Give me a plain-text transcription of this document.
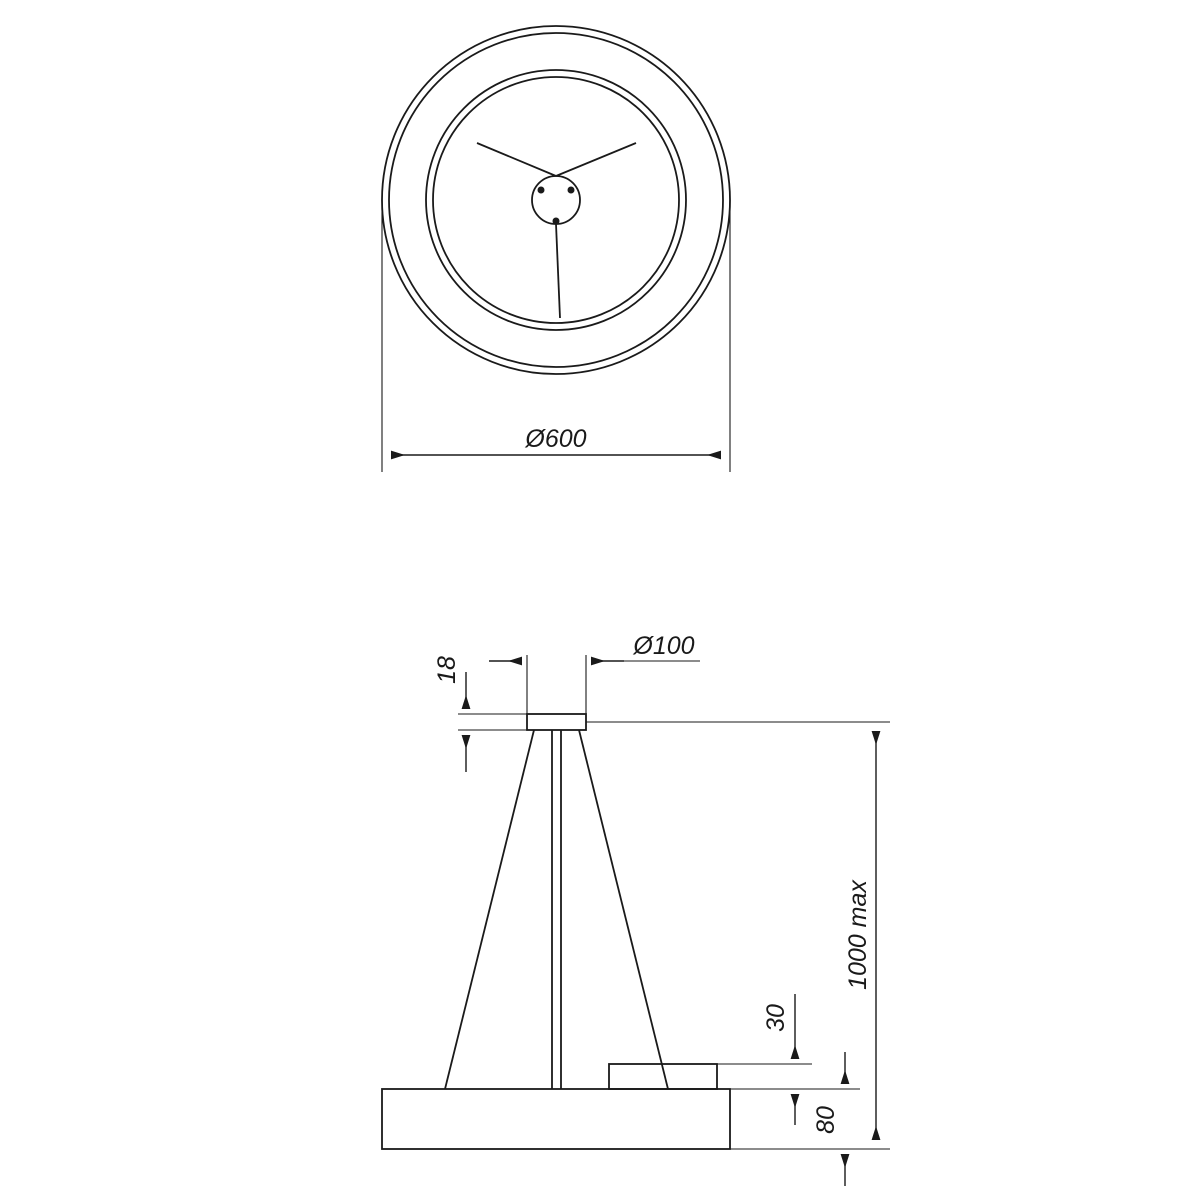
Ø600
Ø100
18
1000 max
30
80
